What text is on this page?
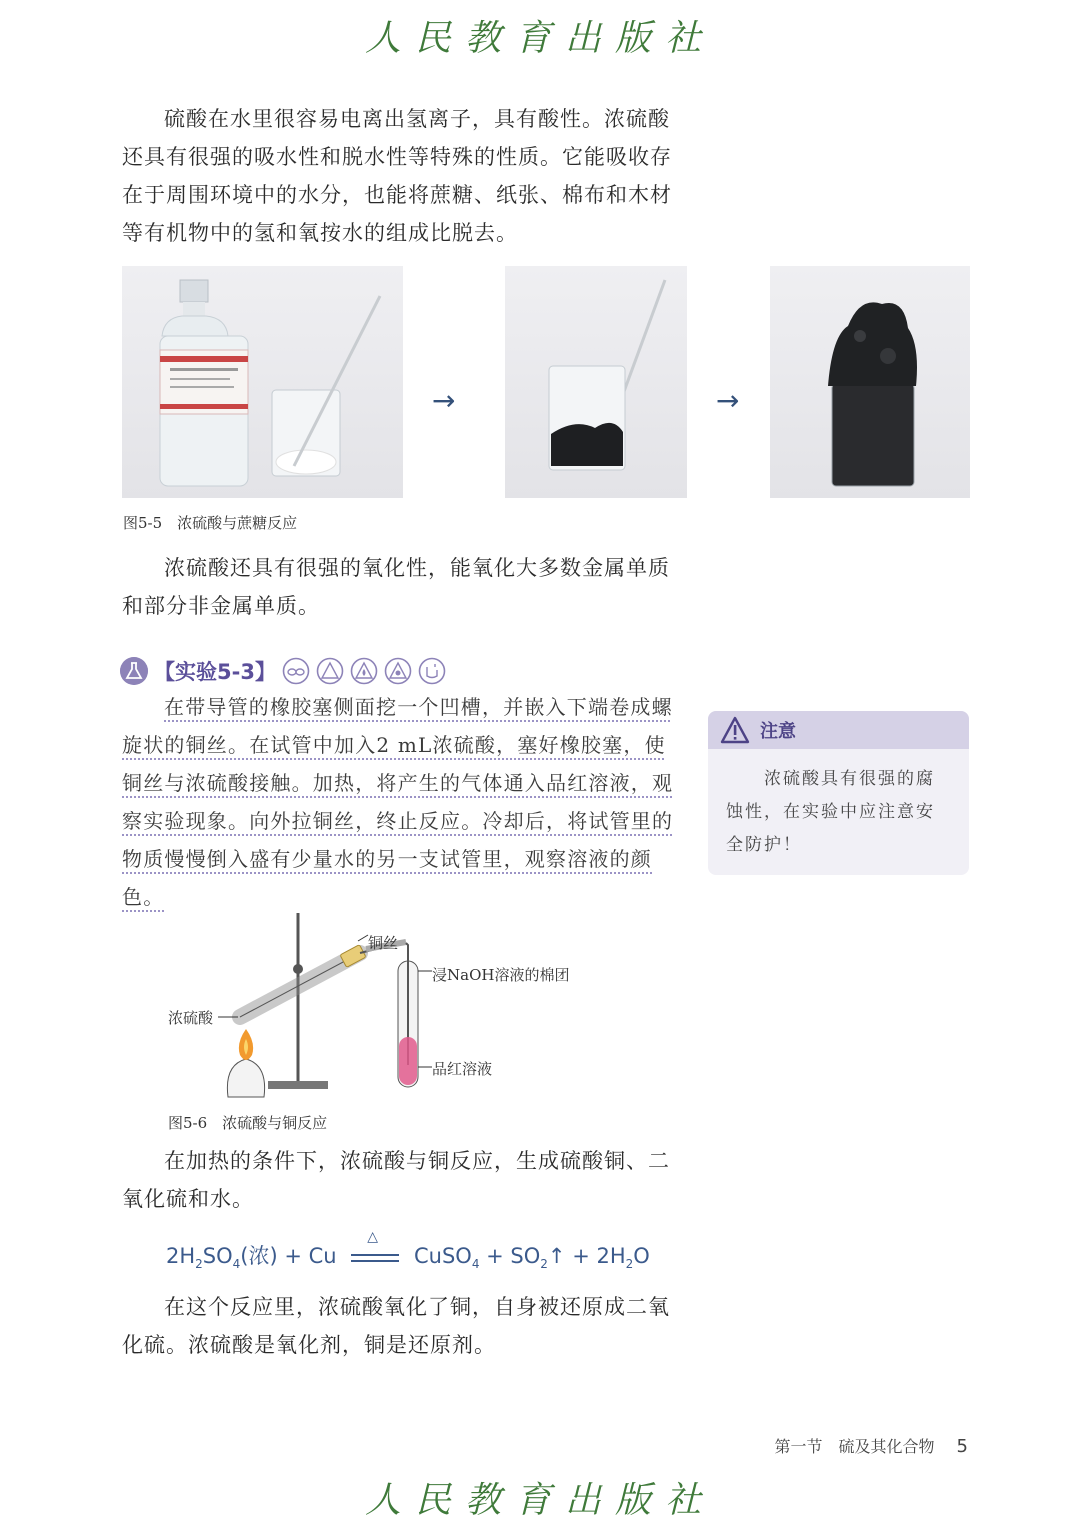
人民教育出版社
硫酸在水里很容易电离出氢离子，具有酸性。浓硫酸还具有很强的吸水性和脱水性等特殊的性质。它能吸收存在于周围环境中的水分，也能将蔗糖、纸张、棉布和木材等有机物中的氢和氧按水的组成比脱去。
→	→
图5-5　浓硫酸与蔗糖反应
浓硫酸还具有很强的氧化性，能氧化大多数金属单质和部分非金属单质。
【实验5-3】
在带导管的橡胶塞侧面挖一个凹槽，并嵌入下端卷成螺旋状的铜丝。在试管中加入2 mL浓硫酸，塞好橡胶塞，使铜丝与浓硫酸接触。加热，将产生的气体通入品红溶液，观察实验现象。向外拉铜丝，终止反应。冷却后，将试管里的物质慢慢倒入盛有少量水的另一支试管里，观察溶液的颜色。
注意
浓硫酸具有很强的腐蚀性，在实验中应注意安全防护！
铜丝
浸NaOH溶液的棉团
浓硫酸
品红溶液
图5-6　浓硫酸与铜反应
在加热的条件下，浓硫酸与铜反应，生成硫酸铜、二氧化硫和水。
$2H_2SO_4$(浓) + Cu
△
CuSO$_4$ + $SO_2↑ + 2H_2O$
在这个反应里，浓硫酸氧化了铜，自身被还原成二氧化硫。浓硫酸是氧化剂，铜是还原剂。
第一节　硫及其化合物 5
人民教育出版社
